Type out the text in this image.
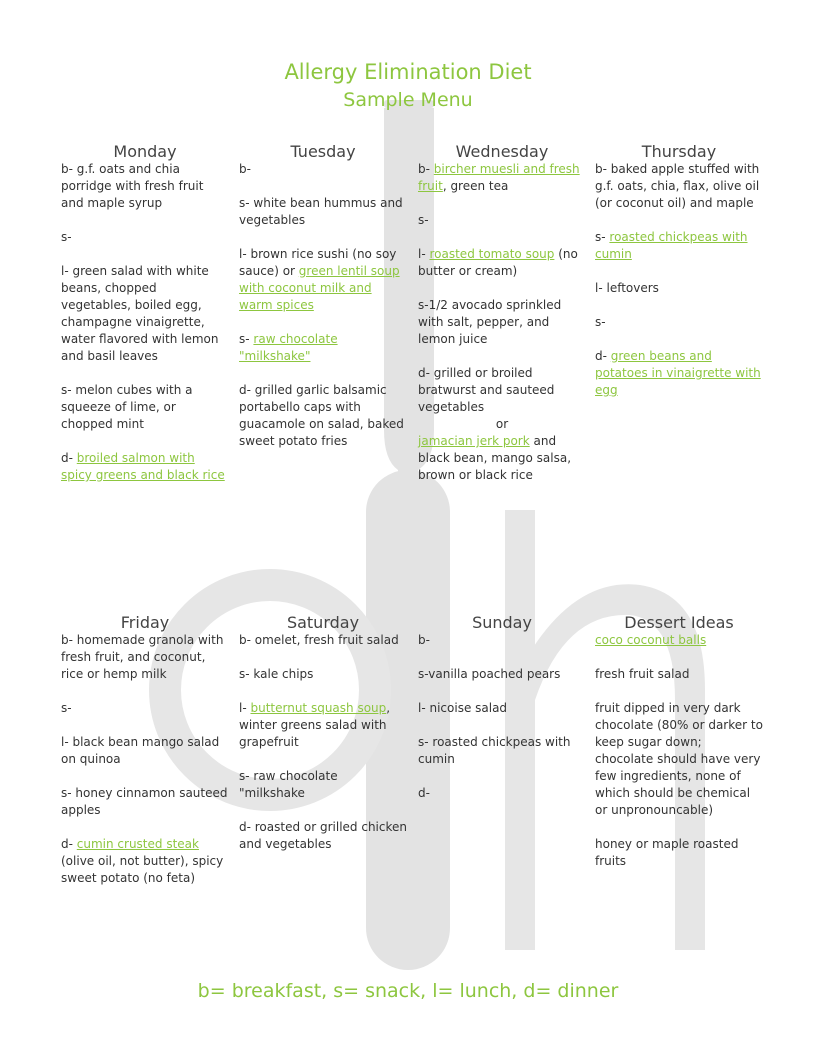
Allergy Elimination Diet
Sample Menu
Monday
b- g.f. oats and chia porridge with fresh fruit and maple syrup
s-
l- green salad with white beans, chopped vegetables, boiled egg, champagne vinaigrette, water flavored with lemon and basil leaves
s- melon cubes with a squeeze of lime, or chopped mint
d- broiled salmon with spicy greens and black rice
Tuesday
b-
s- white bean hummus and vegetables
l- brown rice sushi (no soy sauce) or green lentil soup with coconut milk and warm spices
s- raw chocolate "milkshake"
d- grilled garlic balsamic portabello caps with guacamole on salad, baked sweet potato fries
Wednesday
b- bircher muesli and fresh fruit, green tea
s-
l- roasted tomato soup (no butter or cream)
s-1/2 avocado sprinkled with salt, pepper, and lemon juice
d- grilled or broiled bratwurst and sauteed vegetables
or
jamacian jerk pork and black bean, mango salsa, brown or black rice
Thursday
b- baked apple stuffed with g.f. oats, chia, flax, olive oil (or coconut oil) and maple
s- roasted chickpeas with cumin
l- leftovers
s-
d- green beans and potatoes in vinaigrette with egg
Friday
b- homemade granola with fresh fruit, and coconut, rice or hemp milk
s-
l- black bean mango salad on quinoa
s- honey cinnamon sauteed apples
d- cumin crusted steak (olive oil, not butter), spicy sweet potato (no feta)
Saturday
b- omelet, fresh fruit salad
s- kale chips
l- butternut squash soup, winter greens salad with grapefruit
s- raw chocolate "milkshake
d- roasted or grilled chicken and vegetables
Sunday
b-
s-vanilla poached pears
l- nicoise salad
s- roasted chickpeas with cumin
d-
Dessert Ideas
coco coconut balls
fresh fruit salad
fruit dipped in very dark chocolate (80% or darker to keep sugar down; chocolate should have very few ingredients, none of which should be chemical or unpronouncable)
honey or maple roasted fruits
b= breakfast, s= snack, l= lunch, d= dinner
